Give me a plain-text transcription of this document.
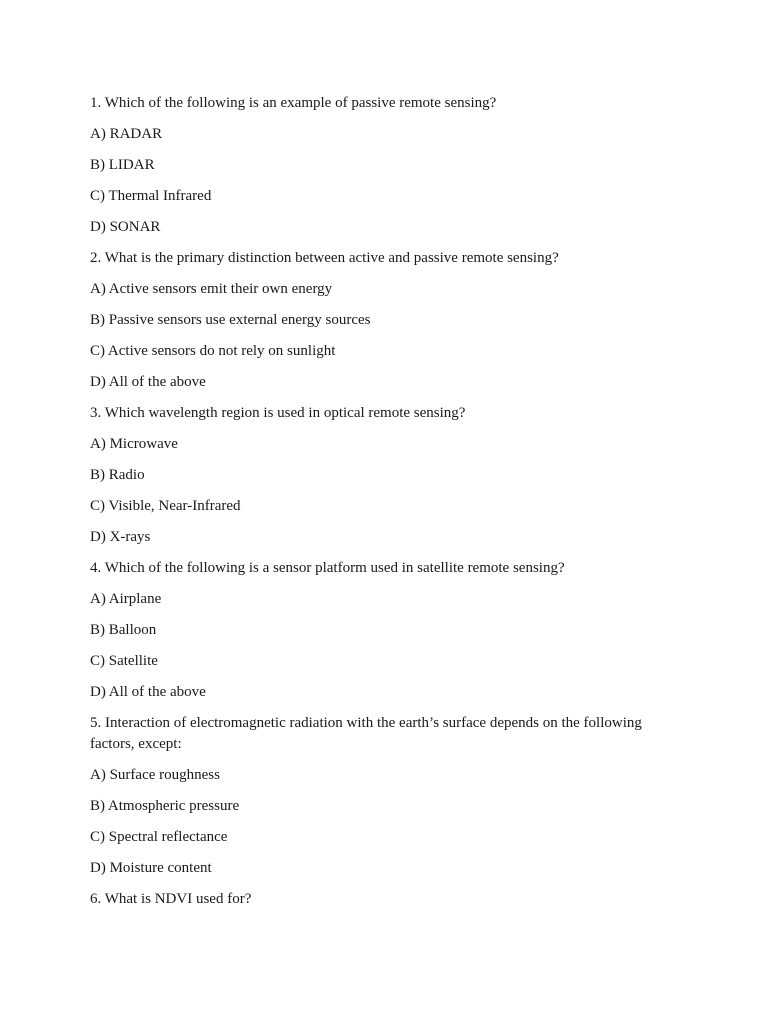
1. Which of the following is an example of passive remote sensing?

A) RADAR

B) LIDAR

C) Thermal Infrared

D) SONAR

2. What is the primary distinction between active and passive remote sensing?

A) Active sensors emit their own energy

B) Passive sensors use external energy sources

C) Active sensors do not rely on sunlight

D) All of the above

3. Which wavelength region is used in optical remote sensing?

A) Microwave

B) Radio

C) Visible, Near-Infrared

D) X-rays

4. Which of the following is a sensor platform used in satellite remote sensing?

A) Airplane

B) Balloon

C) Satellite

D) All of the above

5. Interaction of electromagnetic radiation with the earth’s surface depends on the following factors, except:

A) Surface roughness

B) Atmospheric pressure

C) Spectral reflectance

D) Moisture content

6. What is NDVI used for?
